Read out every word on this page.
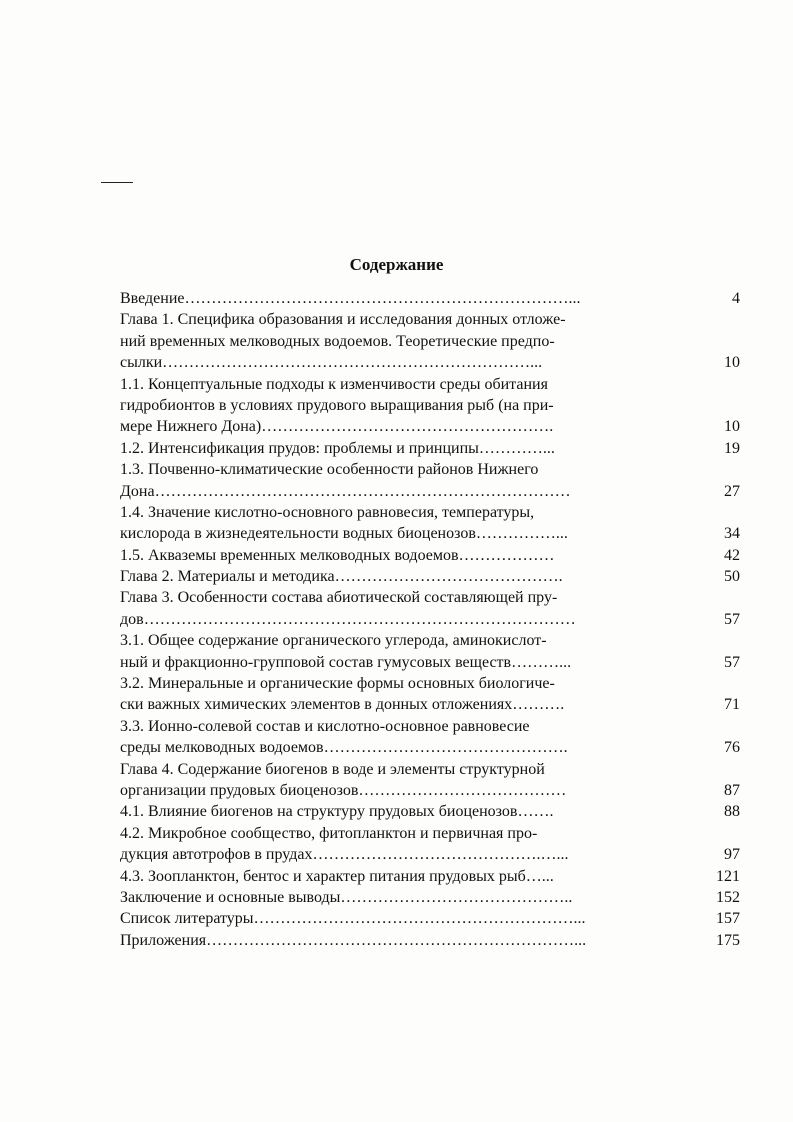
Содержание
Введение………………………………………………………………...	4
Глава 1. Специфика образования и исследования донных отложе-
ний временных мелководных водоемов. Теоретические предпо-
сылки……………………………………………………………...	10
1.1. Концептуальные подходы к изменчивости среды обитания
гидробионтов в условиях прудового выращивания рыб (на при-
мере Нижнего Дона)……………………………………………….	10
1.2. Интенсификация прудов: проблемы и принципы…………...	19
1.3. Почвенно-климатические особенности районов Нижнего
Дона……………………………………………………………………	27
1.4. Значение кислотно-основного равновесия, температуры,
кислорода в жизнедеятельности водных биоценозов……………...	34
1.5. Акваземы временных мелководных водоемов………………	42
Глава 2. Материалы и методика…………………………………….	50
Глава 3. Особенности состава абиотической составляющей пру-
дов………………………………………………………………………	57
3.1. Общее содержание органического углерода, аминокислот-
ный и фракционно-групповой состав гумусовых веществ………...	57
3.2. Минеральные и органические формы основных биологиче-
ски важных химических элементов в донных отложениях……….	71
3.3. Ионно-солевой состав и кислотно-основное равновесие
среды мелководных водоемов……………………………………….	76
Глава 4. Содержание биогенов в воде и элементы структурной
организации прудовых биоценозов…………………………………	87
4.1. Влияние биогенов на структуру прудовых биоценозов…….	88
4.2. Микробное сообщество, фитопланктон и первичная про-
дукция автотрофов в прудах…………………………………….…...	97
4.3. Зоопланктон, бентос и характер питания прудовых рыб…...	121
Заключение и основные выводы……………………………………..	152
Список литературы……………………………………………………...	157
Приложения……………………………………………………………...	175
